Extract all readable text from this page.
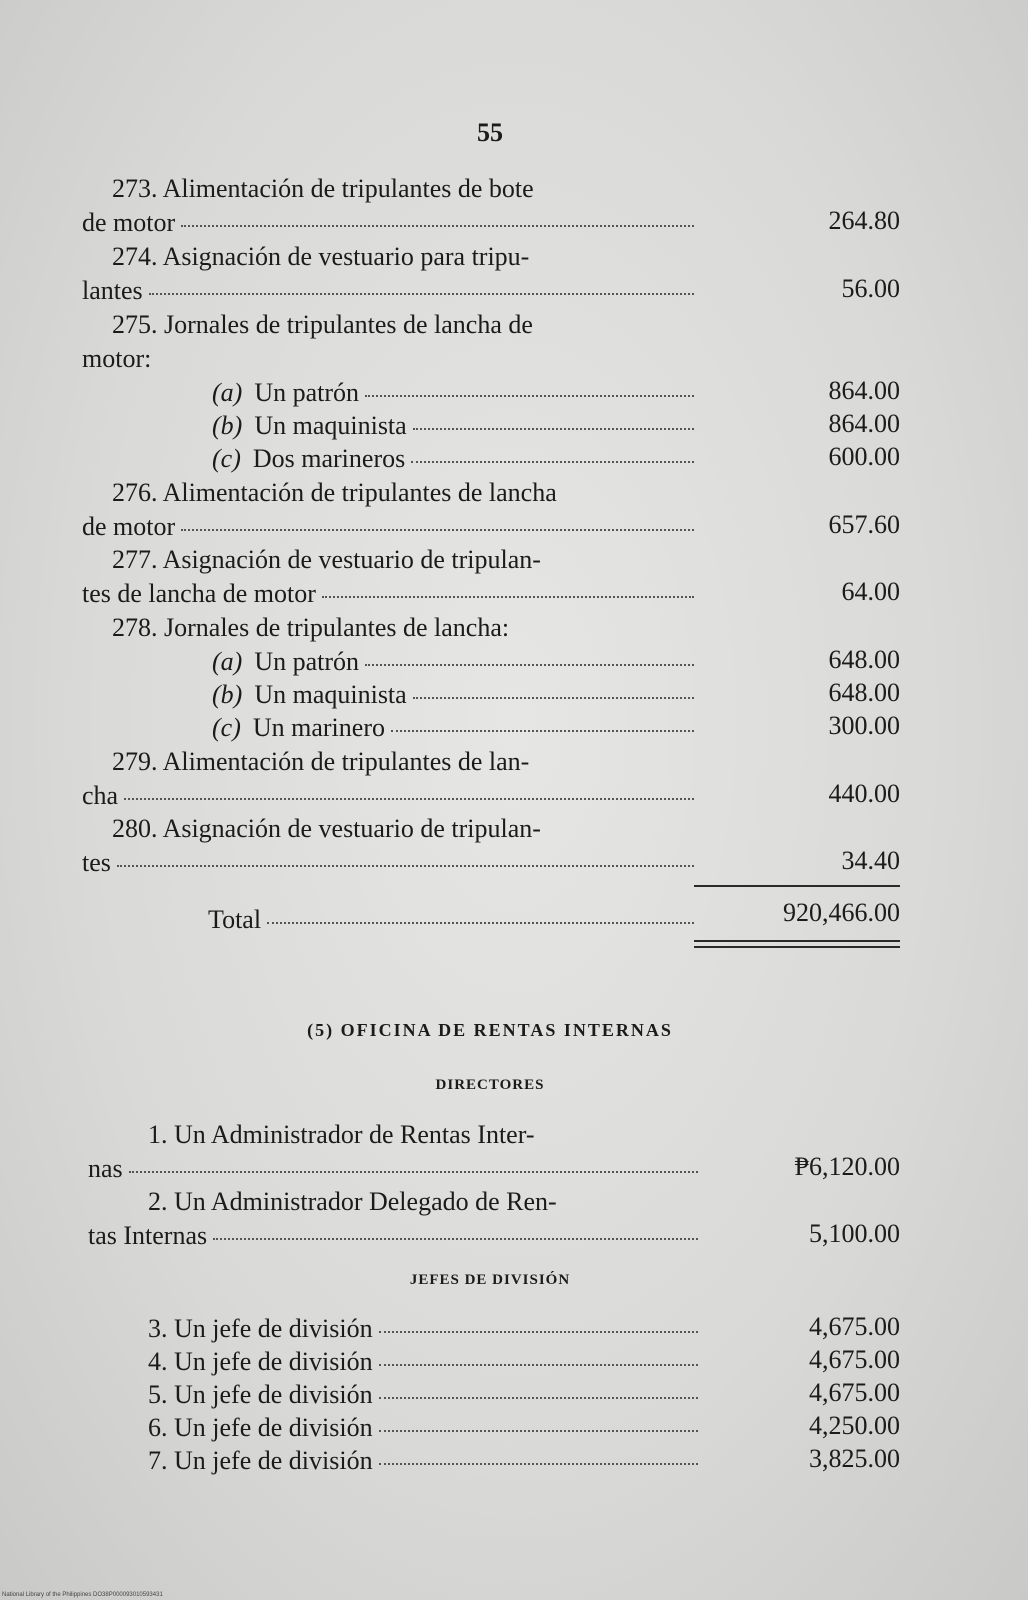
55
273. Alimentación de tripulantes de bote
de motor	264.80
274. Asignación de vestuario para tripu-
lantes	56.00
275. Jornales de tripulantes de lancha de
motor:
(a) Un patrón	864.00
(b) Un maquinista	864.00
(c) Dos marineros	600.00
276. Alimentación de tripulantes de lancha
de motor	657.60
277. Asignación de vestuario de tripulan-
tes de lancha de motor	64.00
278. Jornales de tripulantes de lancha:
(a) Un patrón	648.00
(b) Un maquinista	648.00
(c) Un marinero	300.00
279. Alimentación de tripulantes de lan-
cha	440.00
280. Asignación de vestuario de tripulan-
tes	34.40
Total	920,466.00
(5) OFICINA DE RENTAS INTERNAS
DIRECTORES
1. Un Administrador de Rentas Inter-
nas	₱6,120.00
2. Un Administrador Delegado de Ren-
tas Internas	5,100.00
JEFES DE DIVISIÓN
3. Un jefe de división	4,675.00
4. Un jefe de división	4,675.00
5. Un jefe de división	4,675.00
6. Un jefe de división	4,250.00
7. Un jefe de división	3,825.00
National Library of the Philippines DO38P000093010593431
